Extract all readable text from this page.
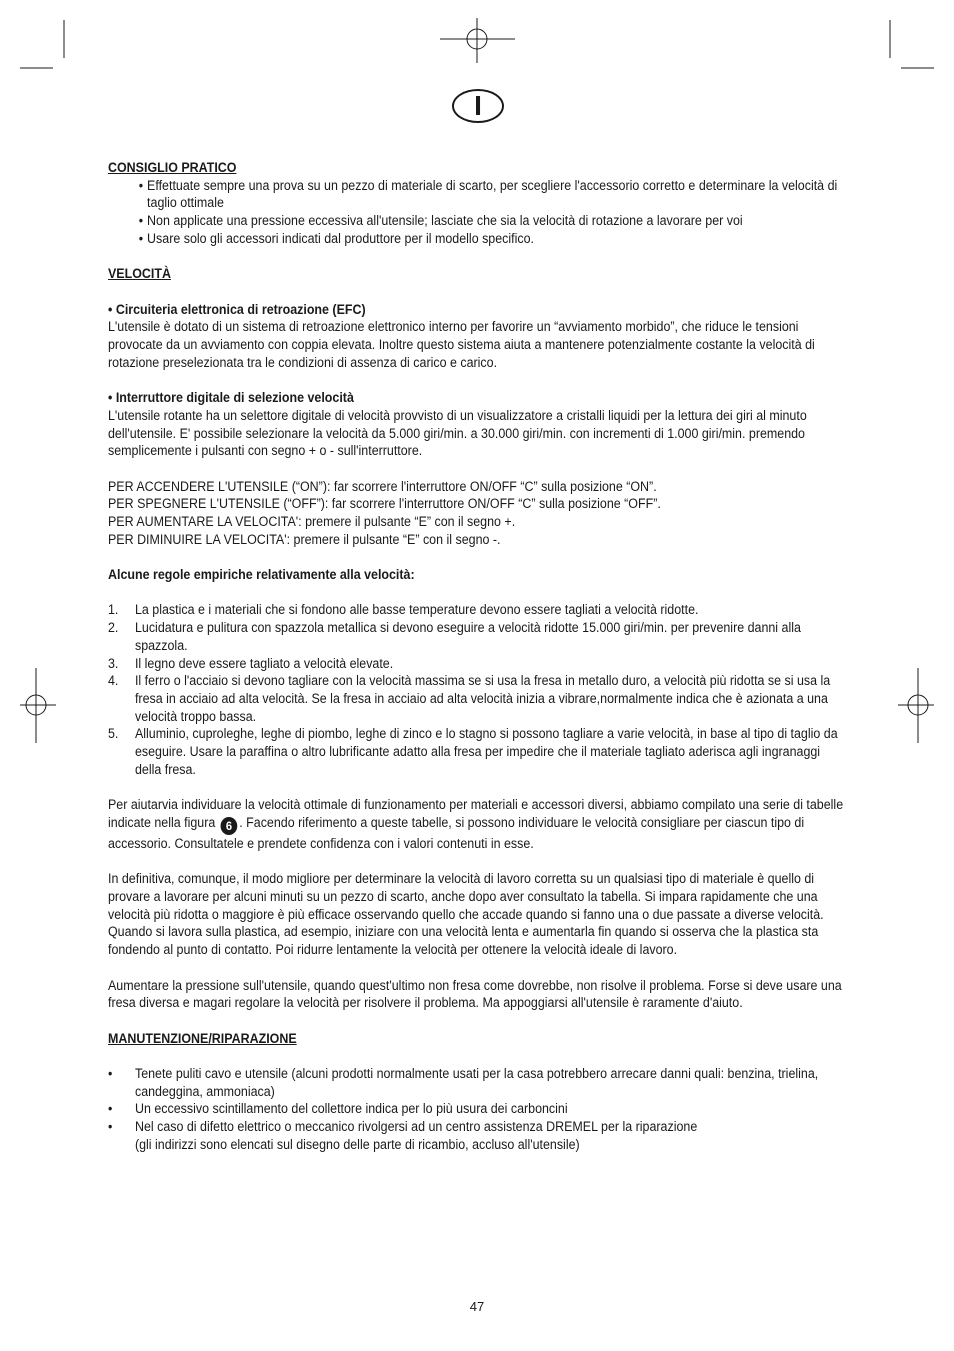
I

CONSIGLIO PRATICO

• Effettuate sempre una prova su un pezzo di materiale di scarto, per scegliere l'accessorio corretto e determinare la velocità di taglio ottimale
• Non applicate una pressione eccessiva all'utensile; lasciate che sia la velocità di rotazione a lavorare per voi
• Usare solo gli accessori indicati dal produttore per il modello specifico.

VELOCITÀ

• Circuiteria elettronica di retroazione (EFC)

L'utensile è dotato di un sistema di retroazione elettronico interno per favorire un “avviamento morbido”, che riduce le tensioni provocate da un avviamento con coppia elevata. Inoltre questo sistema aiuta a mantenere potenzialmente costante la velocità di rotazione preselezionata tra le condizioni di assenza di carico e carico.

• Interruttore digitale di selezione velocità

L'utensile rotante ha un selettore digitale di velocità provvisto di un visualizzatore a cristalli liquidi per la lettura dei giri al minuto dell'utensile. E' possibile selezionare la velocità da 5.000 giri/min. a 30.000 giri/min. con incrementi di 1.000 giri/min. premendo semplicemente i pulsanti con segno + o - sull'interruttore.

PER ACCENDERE L'UTENSILE (“ON”): far scorrere l'interruttore ON/OFF “C” sulla posizione “ON”.

PER SPEGNERE L'UTENSILE (“OFF”): far scorrere l'interruttore ON/OFF “C” sulla posizione “OFF”.

PER AUMENTARE LA VELOCITA': premere il pulsante “E” con il segno +.

PER DIMINUIRE LA VELOCITA': premere il pulsante “E” con il segno -.

Alcune regole empiriche relativamente alla velocità:

1. La plastica e i materiali che si fondono alle basse temperature devono essere tagliati a velocità ridotte.
2. Lucidatura e pulitura con spazzola metallica si devono eseguire a velocità ridotte 15.000 giri/min. per prevenire danni alla spazzola.
3. Il legno deve essere tagliato a velocità elevate.
4. Il ferro o l'acciaio si devono tagliare con la velocità massima se si usa la fresa in metallo duro, a velocità più ridotta se si usa la fresa in acciaio ad alta velocità. Se la fresa in acciaio ad alta velocità inizia a vibrare,normalmente indica che è azionata a una velocità troppo bassa.
5. Alluminio, cuproleghe, leghe di piombo, leghe di zinco e lo stagno si possono tagliare a varie velocità, in base al tipo di taglio da eseguire. Usare la paraffina o altro lubrificante adatto alla fresa per impedire che il materiale tagliato aderisca agli ingranaggi della fresa.

Per aiutarvia individuare la velocità ottimale di funzionamento per materiali e accessori diversi, abbiamo compilato una serie di tabelle indicate nella figura 6 . Facendo riferimento a queste tabelle, si possono individuare le velocità consigliare per ciascun tipo di accessorio. Consultatele e prendete confidenza con i valori contenuti in esse.

In definitiva, comunque, il modo migliore per determinare la velocità di lavoro corretta su un qualsiasi tipo di materiale è quello di provare a lavorare per alcuni minuti su un pezzo di scarto, anche dopo aver consultato la tabella. Si impara rapidamente che una velocità più ridotta o maggiore è più efficace osservando quello che accade quando si fanno una o due passate a diverse velocità. Quando si lavora sulla plastica, ad esempio, iniziare con una velocità lenta e aumentarla fin quando si osserva che la plastica sta fondendo al punto di contatto. Poi ridurre lentamente la velocità per ottenere la velocità ideale di lavoro.

Aumentare la pressione sull'utensile, quando quest'ultimo non fresa come dovrebbe, non risolve il problema. Forse si deve usare una fresa diversa e magari regolare la velocità per risolvere il problema. Ma appoggiarsi all'utensile è raramente d'aiuto.

MANUTENZIONE/RIPARAZIONE

• Tenete puliti cavo e utensile (alcuni prodotti normalmente usati per la casa potrebbero arrecare danni quali: benzina, trielina, candeggina, ammoniaca)
• Un eccessivo scintillamento del collettore indica per lo più usura dei carboncini
• Nel caso di difetto elettrico o meccanico rivolgersi ad un centro assistenza DREMEL per la riparazione
(gli indirizzi sono elencati sul disegno delle parte di ricambio, accluso all'utensile)
47
